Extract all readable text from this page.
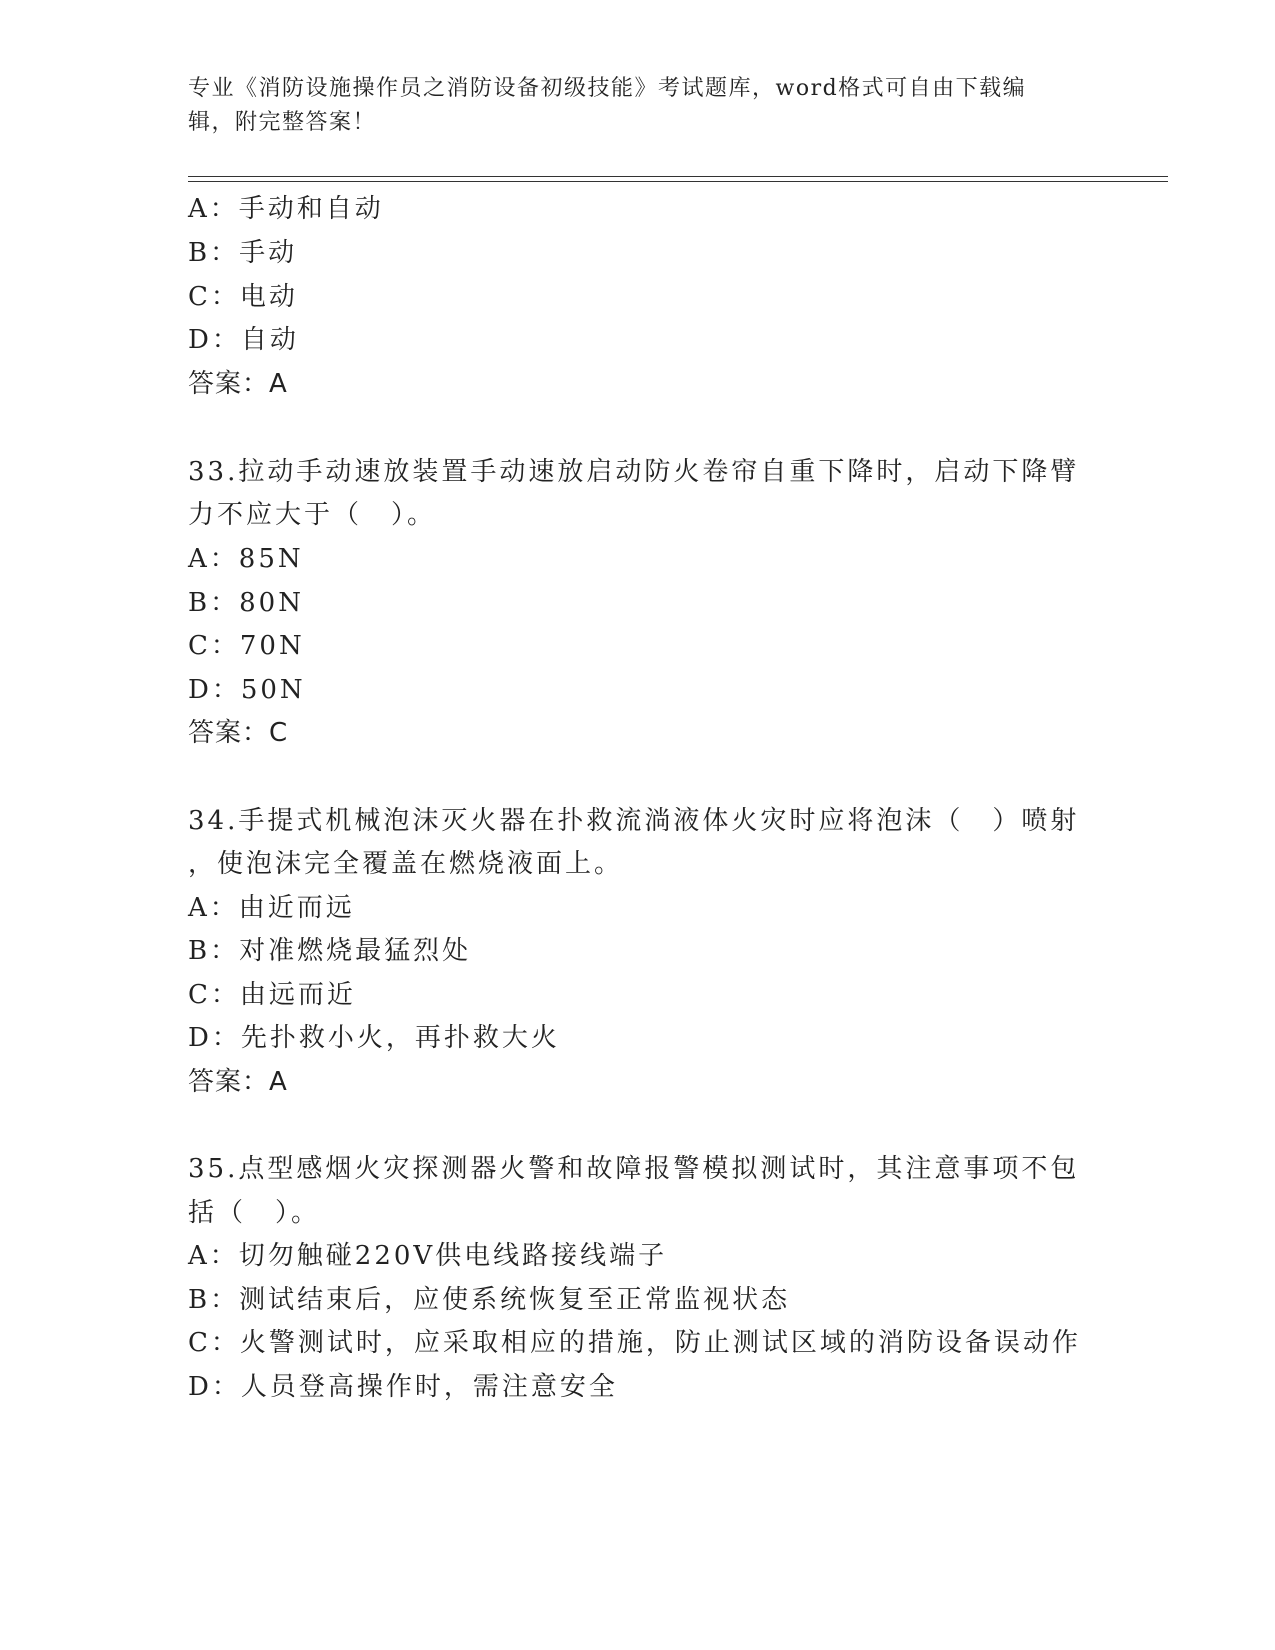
专业《消防设施操作员之消防设备初级技能》考试题库，word格式可自由下载编辑，附完整答案！
A：手动和自动
B：手动
C：电动
D：自动
答案：A
33.拉动手动速放装置手动速放启动防火卷帘自重下降时，启动下降臂
力不应大于（　）。
A：85N
B：80N
C：70N
D：50N
答案：C
34.手提式机械泡沫灭火器在扑救流淌液体火灾时应将泡沫（　）喷射
，使泡沫完全覆盖在燃烧液面上。
A：由近而远
B：对准燃烧最猛烈处
C：由远而近
D：先扑救小火，再扑救大火
答案：A
35.点型感烟火灾探测器火警和故障报警模拟测试时，其注意事项不包
括（　）。
A：切勿触碰220V供电线路接线端子
B：测试结束后，应使系统恢复至正常监视状态
C：火警测试时，应采取相应的措施，防止测试区域的消防设备误动作
D：人员登高操作时，需注意安全
